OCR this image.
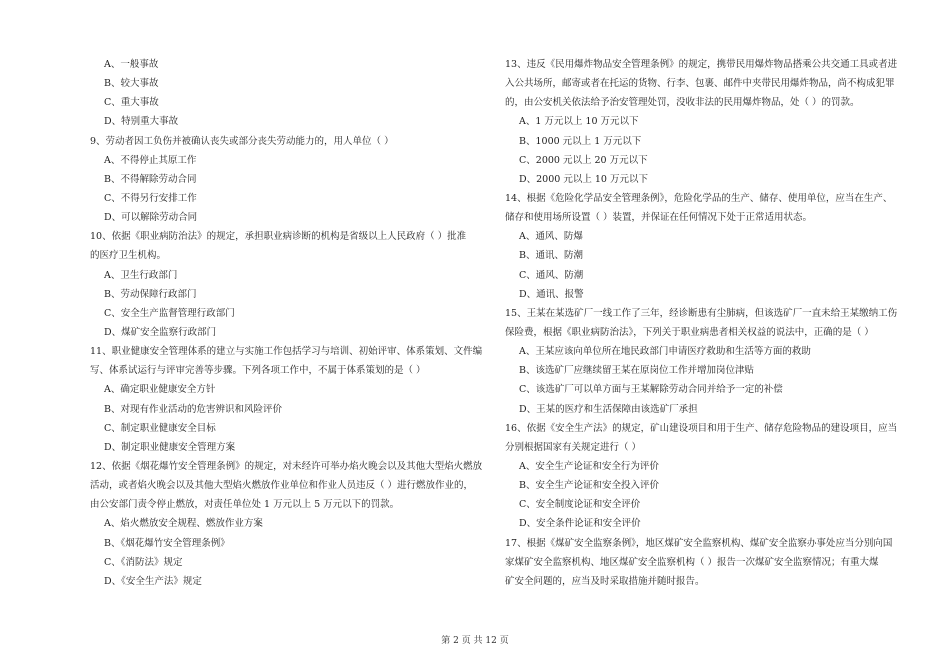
A、一般事故
B、较大事故
C、重大事故
D、特别重大事故
9、劳动者因工负伤并被确认丧失或部分丧失劳动能力的，用人单位（ ）
A、不得停止其原工作
B、不得解除劳动合同
C、不得另行安排工作
D、可以解除劳动合同
10、依据《职业病防治法》的规定，承担职业病诊断的机构是省级以上人民政府（ ）批准
的医疗卫生机构。
A、卫生行政部门
B、劳动保障行政部门
C、安全生产监督管理行政部门
D、煤矿安全监察行政部门
11、职业健康安全管理体系的建立与实施工作包括学习与培训、初始评审、体系策划、文件编
写、体系试运行与评审完善等步骤。下列各项工作中，不属于体系策划的是（ ）
A、确定职业健康安全方针
B、对现有作业活动的危害辨识和风险评价
C、制定职业健康安全目标
D、制定职业健康安全管理方案
12、依据《烟花爆竹安全管理条例》的规定，对未经许可举办焰火晚会以及其他大型焰火燃放
活动，或者焰火晚会以及其他大型焰火燃放作业单位和作业人员违反（ ）进行燃放作业的，
由公安部门责令停止燃放，对责任单位处 1 万元以上 5 万元以下的罚款。
A、焰火燃放安全规程、燃放作业方案
B、《烟花爆竹安全管理条例》
C、《消防法》规定
D、《安全生产法》规定
13、违反《民用爆炸物品安全管理条例》的规定，携带民用爆炸物品搭乘公共交通工具或者进
入公共场所，邮寄或者在托运的货物、行李、包裹、邮件中夹带民用爆炸物品，尚不构成犯罪
的，由公安机关依法给予治安管理处罚，没收非法的民用爆炸物品，处（ ）的罚款。
A、1 万元以上 10 万元以下
B、1000 元以上 1 万元以下
C、2000 元以上 20 万元以下
D、2000 元以上 10 万元以下
14、根据《危险化学品安全管理条例》，危险化学品的生产、储存、使用单位，应当在生产、
储存和使用场所设置（ ）装置，并保证在任何情况下处于正常适用状态。
A、通风、防爆
B、通讯、防潮
C、通风、防潮
D、通讯、报警
15、王某在某选矿厂一线工作了三年，经诊断患有尘肺病，但该选矿厂一直未给王某缴纳工伤
保险费，根据《职业病防治法》，下列关于职业病患者相关权益的说法中，正确的是（ ）
A、王某应该向单位所在地民政部门申请医疗救助和生活等方面的救助
B、该选矿厂应继续留王某在原岗位工作并增加岗位津贴
C、该选矿厂可以单方面与王某解除劳动合同并给予一定的补偿
D、王某的医疗和生活保障由该选矿厂承担
16、依据《安全生产法》的规定，矿山建设项目和用于生产、储存危险物品的建设项目，应当
分别根据国家有关规定进行（ ）
A、安全生产论证和安全行为评价
B、安全生产论证和安全投入评价
C、安全制度论证和安全评价
D、安全条件论证和安全评价
17、根据《煤矿安全监察条例》，地区煤矿安全监察机构、煤矿安全监察办事处应当分别向国
家煤矿安全监察机构、地区煤矿安全监察机构（ ）报告一次煤矿安全监察情况；有重大煤
矿安全问题的，应当及时采取措施并随时报告。
第 2 页 共 12 页
